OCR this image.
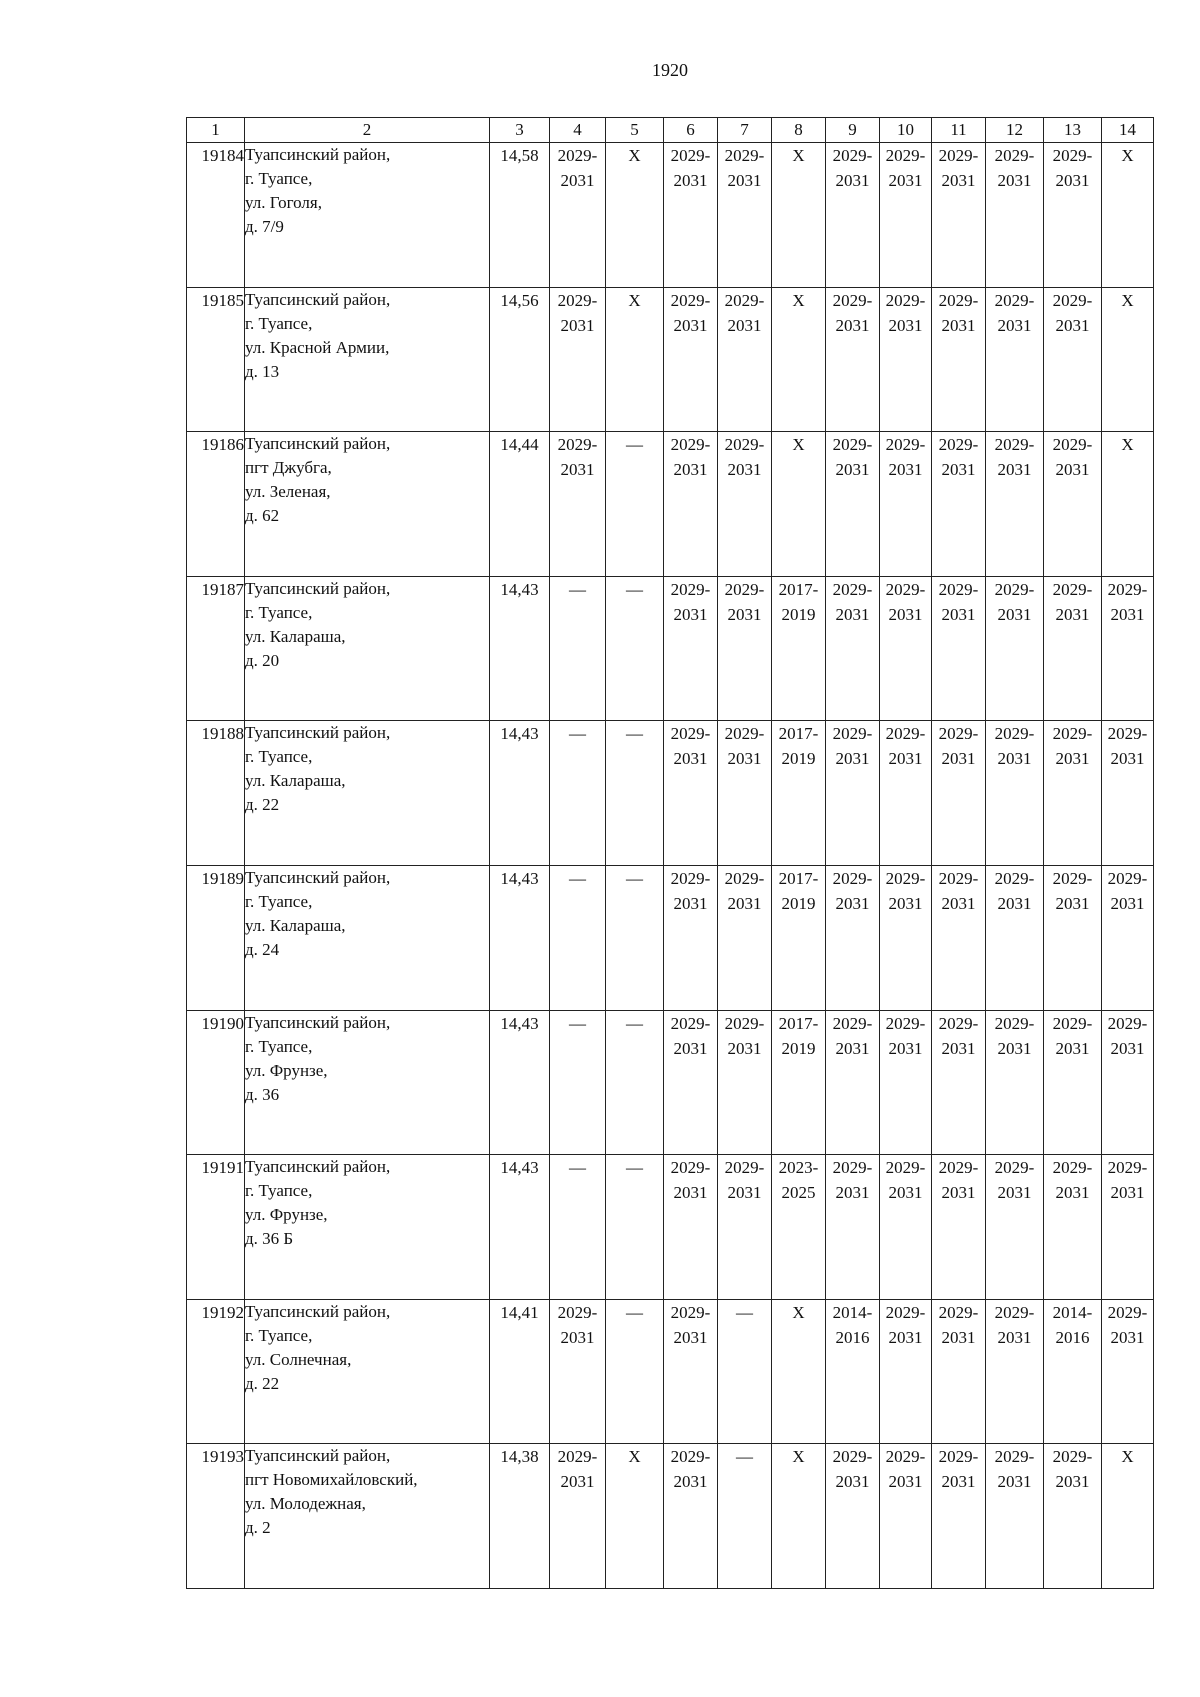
1920
1	2	3	4	5	6	7	8	9	10	11	12	13	14
19184	Туапсинский район,
г. Туапсе,
ул. Гоголя,
д. 7/9	14,58	2029-
2031	X	2029-
2031	2029-
2031	X	2029-
2031	2029-
2031	2029-
2031	2029-
2031	2029-
2031	X

19185	Туапсинский район,
г. Туапсе,
ул. Красной Армии,
д. 13	14,56	2029-
2031	X	2029-
2031	2029-
2031	X	2029-
2031	2029-
2031	2029-
2031	2029-
2031	2029-
2031	X

19186	Туапсинский район,
пгт Джубга,
ул. Зеленая,
д. 62	14,44	2029-
2031	—	2029-
2031	2029-
2031	X	2029-
2031	2029-
2031	2029-
2031	2029-
2031	2029-
2031	X

19187	Туапсинский район,
г. Туапсе,
ул. Калараша,
д. 20	14,43	—	—	2029-
2031	2029-
2031	2017-
2019	2029-
2031	2029-
2031	2029-
2031	2029-
2031	2029-
2031	2029-
2031

19188	Туапсинский район,
г. Туапсе,
ул. Калараша,
д. 22	14,43	—	—	2029-
2031	2029-
2031	2017-
2019	2029-
2031	2029-
2031	2029-
2031	2029-
2031	2029-
2031	2029-
2031

19189	Туапсинский район,
г. Туапсе,
ул. Калараша,
д. 24	14,43	—	—	2029-
2031	2029-
2031	2017-
2019	2029-
2031	2029-
2031	2029-
2031	2029-
2031	2029-
2031	2029-
2031

19190	Туапсинский район,
г. Туапсе,
ул. Фрунзе,
д. 36	14,43	—	—	2029-
2031	2029-
2031	2017-
2019	2029-
2031	2029-
2031	2029-
2031	2029-
2031	2029-
2031	2029-
2031

19191	Туапсинский район,
г. Туапсе,
ул. Фрунзе,
д. 36 Б	14,43	—	—	2029-
2031	2029-
2031	2023-
2025	2029-
2031	2029-
2031	2029-
2031	2029-
2031	2029-
2031	2029-
2031

19192	Туапсинский район,
г. Туапсе,
ул. Солнечная,
д. 22	14,41	2029-
2031	—	2029-
2031	—	X	2014-
2016	2029-
2031	2029-
2031	2029-
2031	2014-
2016	2029-
2031

19193	Туапсинский район,
пгт Новомихайловский,
ул. Молодежная,
д. 2	14,38	2029-
2031	X	2029-
2031	—	X	2029-
2031	2029-
2031	2029-
2031	2029-
2031	2029-
2031	X
